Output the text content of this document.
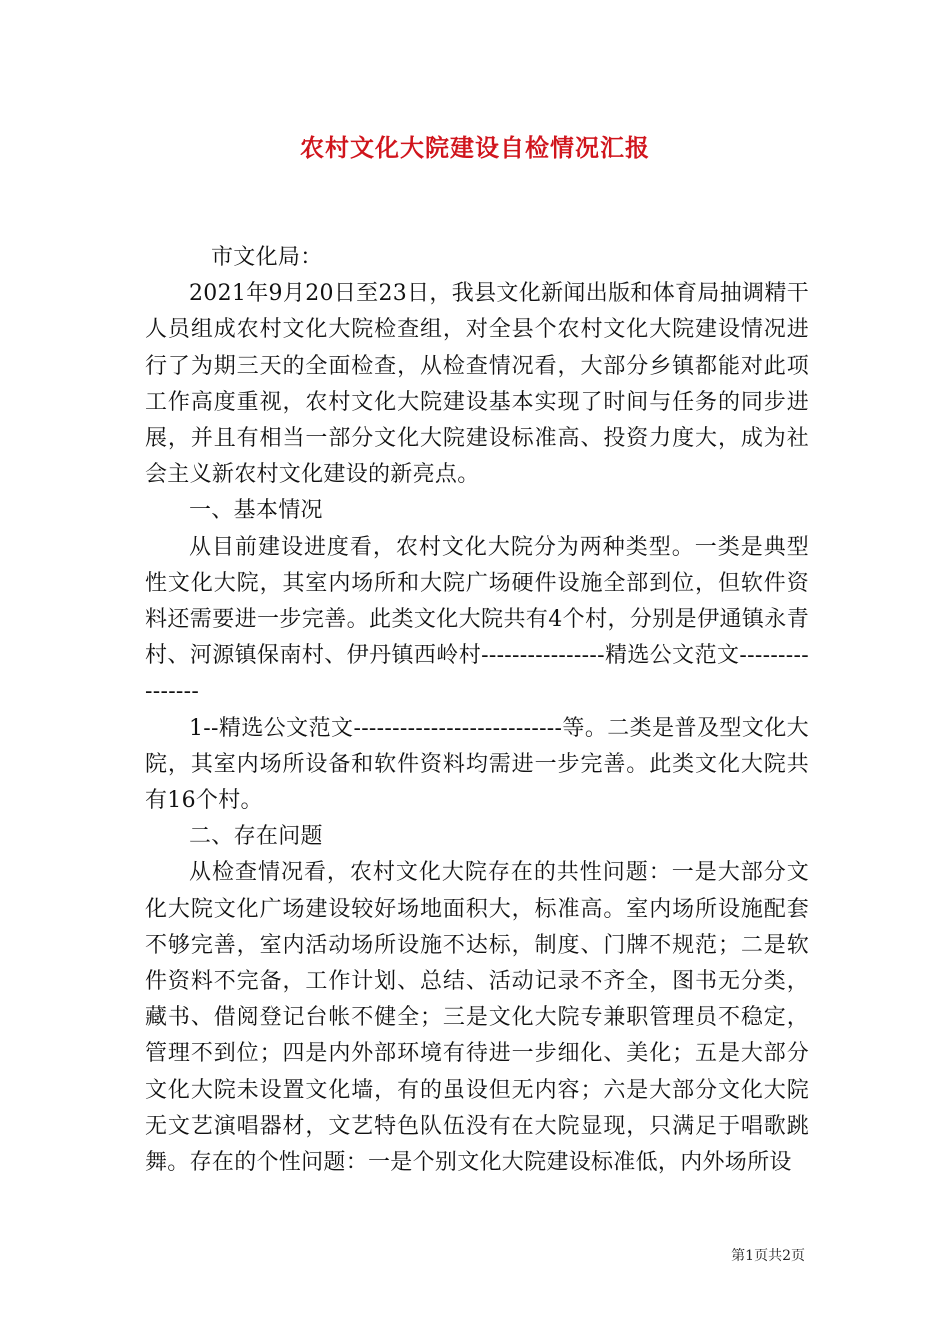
农村文化大院建设自检情况汇报

市文化局：

2021年9月20日至23日，我县文化新闻出版和体育局抽调精干人员组成农村文化大院检查组，对全县个农村文化大院建设情况进行了为期三天的全面检查，从检查情况看，大部分乡镇都能对此项工作高度重视，农村文化大院建设基本实现了时间与任务的同步进展，并且有相当一部分文化大院建设标准高、投资力度大，成为社会主义新农村文化建设的新亮点。

一、基本情况

从目前建设进度看，农村文化大院分为两种类型。一类是典型性文化大院，其室内场所和大院广场硬件设施全部到位，但软件资料还需要进一步完善。此类文化大院共有4个村，分别是伊通镇永青村、河源镇保南村、伊丹镇西岭村----------------精选公文范文----------------

1--精选公文范文---------------------------等。二类是普及型文化大院，其室内场所设备和软件资料均需进一步完善。此类文化大院共有16个村。

二、存在问题

从检查情况看，农村文化大院存在的共性问题：一是大部分文化大院文化广场建设较好场地面积大，标准高。室内场所设施配套不够完善，室内活动场所设施不达标，制度、门牌不规范；二是软件资料不完备，工作计划、总结、活动记录不齐全，图书无分类，藏书、借阅登记台帐不健全；三是文化大院专兼职管理员不稳定，管理不到位；四是内外部环境有待进一步细化、美化；五是大部分文化大院未设置文化墙，有的虽设但无内容；六是大部分文化大院无文艺演唱器材，文艺特色队伍没有在大院显现，只满足于唱歌跳舞。存在的个性问题：一是个别文化大院建设标准低，内外场所设

第1页共2页
